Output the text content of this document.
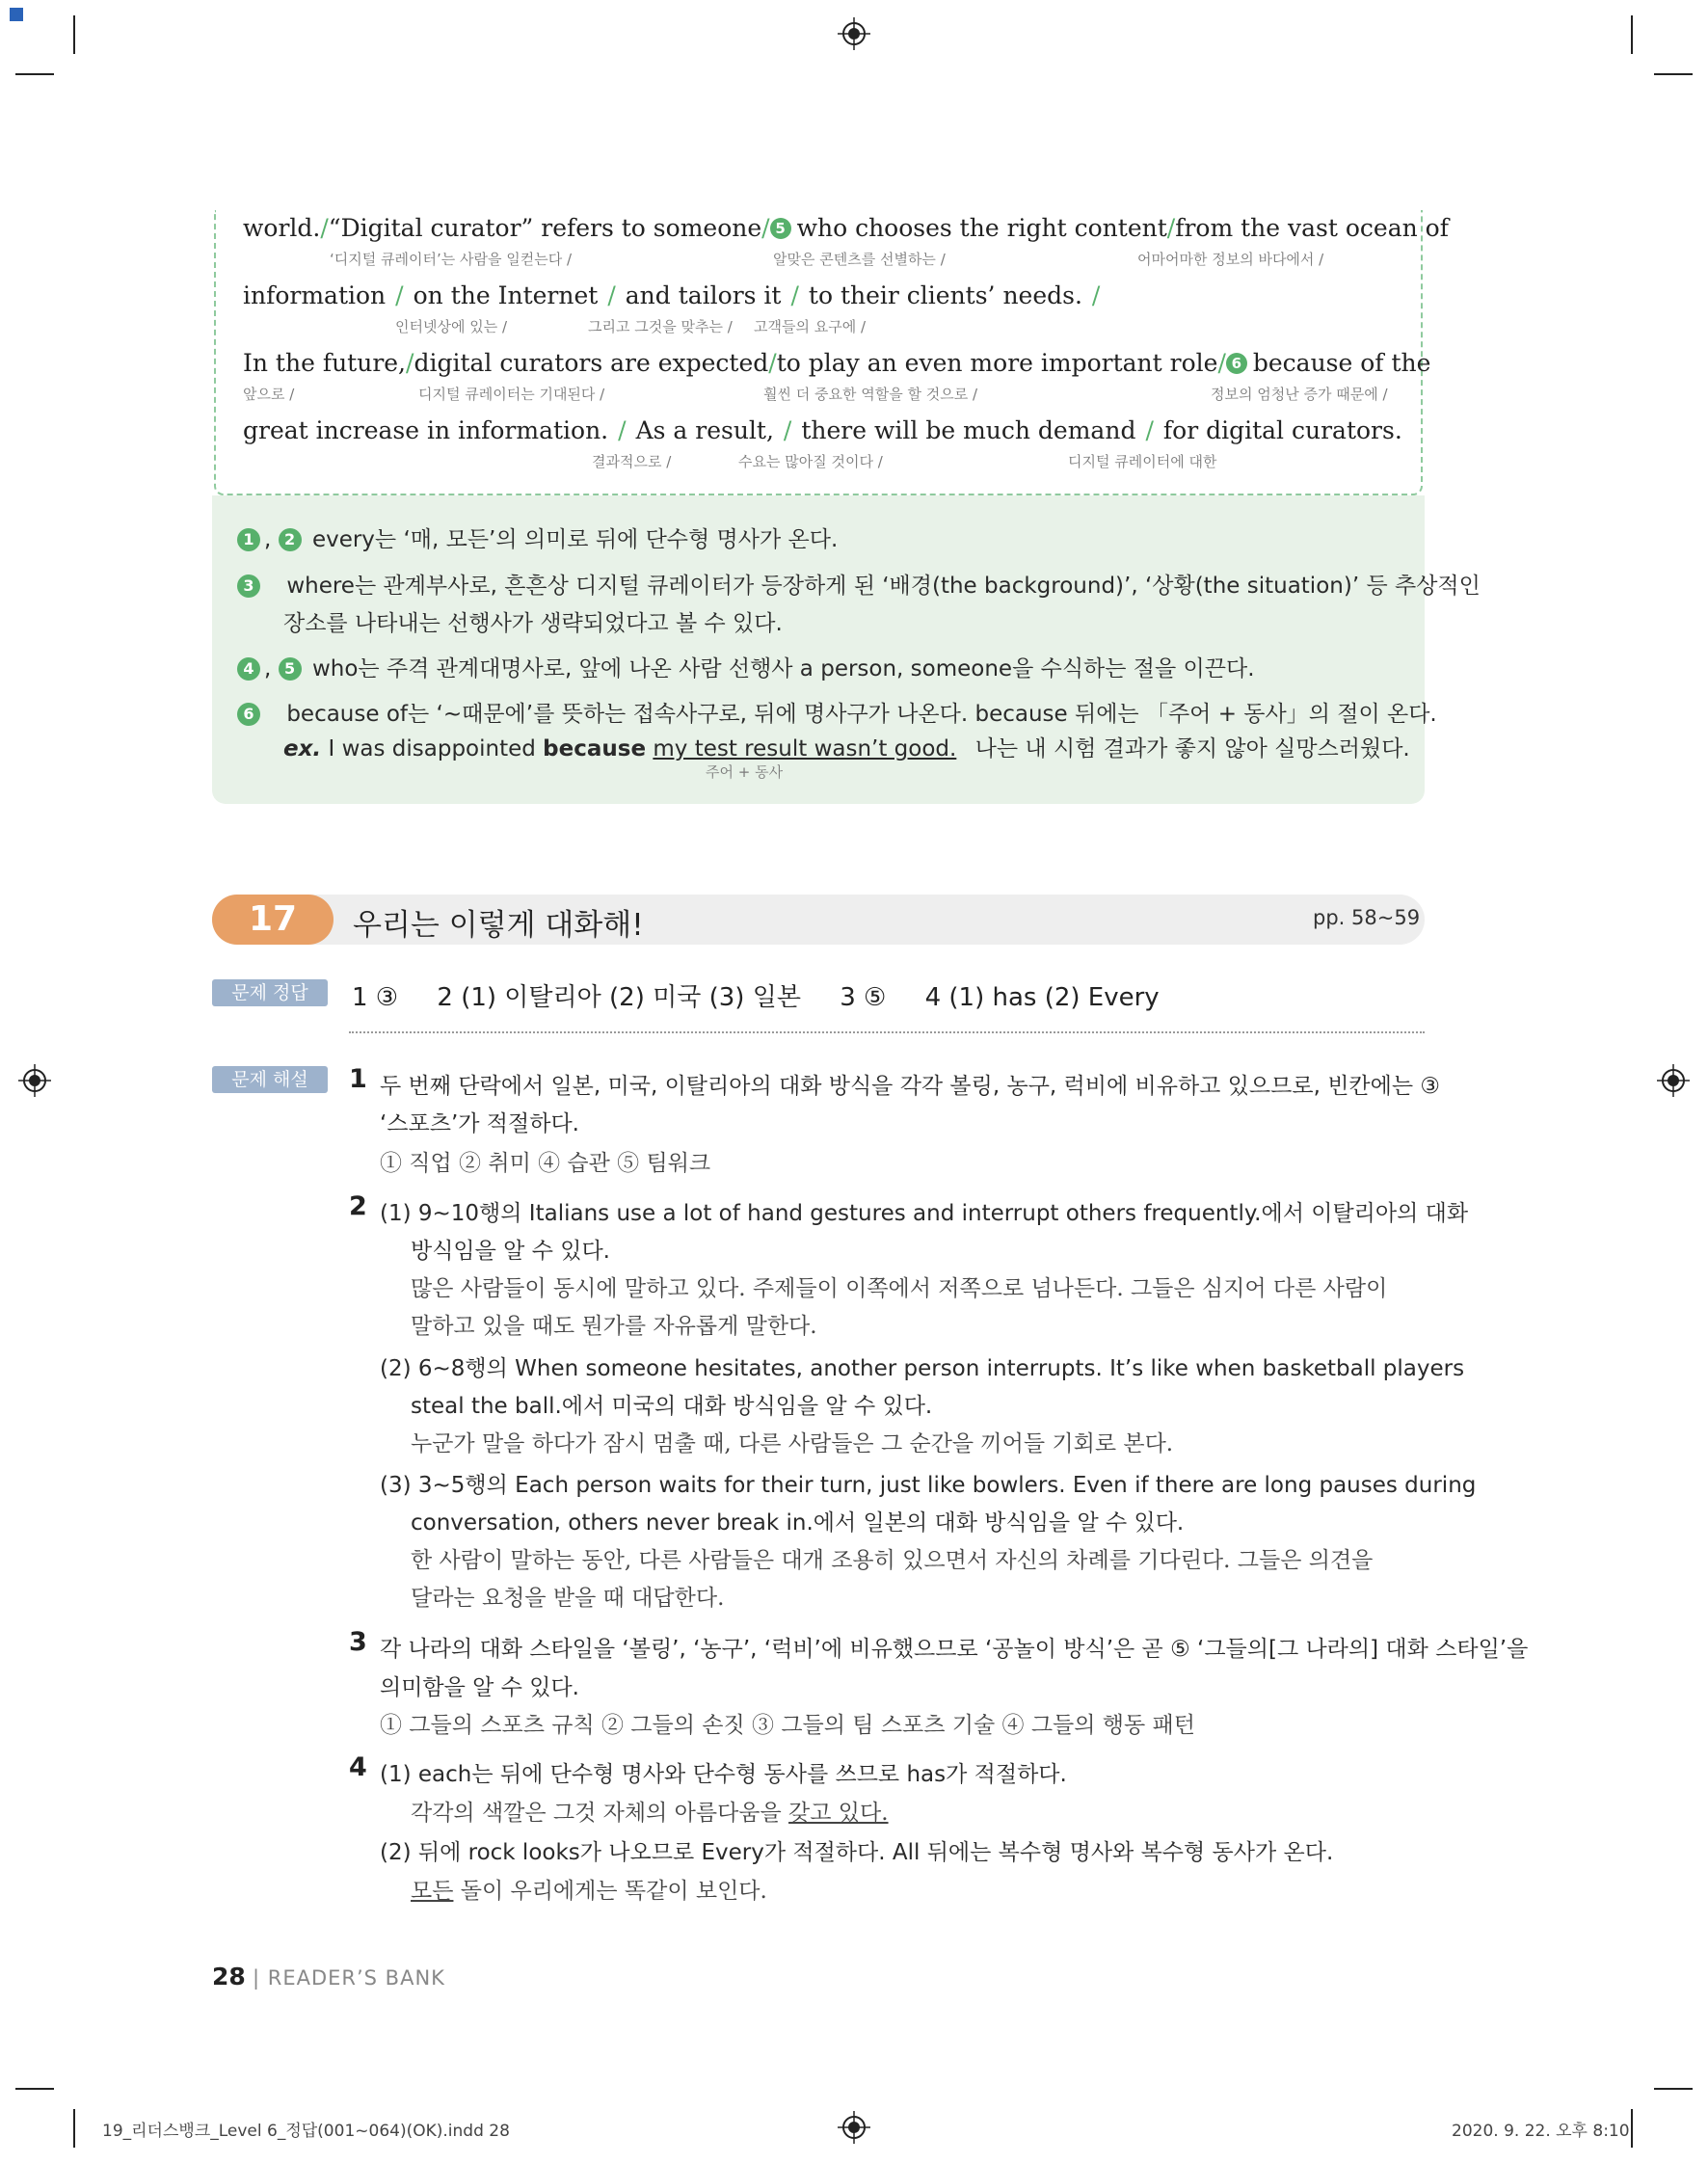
world. / “Digital curator” refers to someone / 5 who chooses the right content / from the vast ocean of
‘디지털 큐레이터’는 사람을 일컫는다 /	알맞은 콘텐츠를 선별하는 /	어마어마한 정보의 바다에서 /
information / on the Internet / and tailors it / to their clients’ needs. /
인터넷상에 있는 /	그리고 그것을 맞추는 / 고객들의 요구에 /
In the future, / digital curators are expected / to play an even more important role / 6 because of the
앞으로 /	디지털 큐레이터는 기대된다 /	훨씬 더 중요한 역할을 할 것으로 /	정보의 엄청난 증가 때문에 /
great increase in information. / As a result, / there will be much demand / for digital curators.
결과적으로 /	수요는 많아질 것이다 /	디지털 큐레이터에 대한
1 , 2 every는 ‘매, 모든’의 의미로 뒤에 단수형 명사가 온다.
3 where는 관계부사로, 흔흔상 디지털 큐레이터가 등장하게 된 ‘배경(the background)’, ‘상황(the situation)’ 등 추상적인
장소를 나타내는 선행사가 생략되었다고 볼 수 있다.
4 , 5 who는 주격 관계대명사로, 앞에 나온 사람 선행사 a person, someone을 수식하는 절을 이끈다.
6 because of는 ‘~때문에’를 뜻하는 접속사구로, 뒤에 명사구가 나온다. because 뒤에는 「주어 + 동사」의 절이 온다.
ex. I was disappointed because my test result wasn’t good. 나는 내 시험 결과가 좋지 않아 실망스러웠다.
주어 + 동사
17	우리는 이렇게 대화해!	pp. 58~59
문제 정답	1 ③ 2 (1) 이탈리아 (2) 미국 (3) 일본 3 ⑤ 4 (1) has (2) Every
문제 해설	1 두 번째 단락에서 일본, 미국, 이탈리아의 대화 방식을 각각 볼링, 농구, 럭비에 비유하고 있으므로, 빈칸에는 ③
‘스포츠’가 적절하다.
① 직업 ② 취미 ④ 습관 ⑤ 팀워크
2 (1) 9~10행의 Italians use a lot of hand gestures and interrupt others frequently.에서 이탈리아의 대화
방식임을 알 수 있다.
많은 사람들이 동시에 말하고 있다. 주제들이 이쪽에서 저쪽으로 넘나든다. 그들은 심지어 다른 사람이
말하고 있을 때도 뭔가를 자유롭게 말한다.
(2) 6~8행의 When someone hesitates, another person interrupts. It’s like when basketball players
steal the ball.에서 미국의 대화 방식임을 알 수 있다.
누군가 말을 하다가 잠시 멈출 때, 다른 사람들은 그 순간을 끼어들 기회로 본다.
(3) 3~5행의 Each person waits for their turn, just like bowlers. Even if there are long pauses during
conversation, others never break in.에서 일본의 대화 방식임을 알 수 있다.
한 사람이 말하는 동안, 다른 사람들은 대개 조용히 있으면서 자신의 차례를 기다린다. 그들은 의견을
달라는 요청을 받을 때 대답한다.
3 각 나라의 대화 스타일을 ‘볼링’, ‘농구’, ‘럭비’에 비유했으므로 ‘공놀이 방식’은 곧 ⑤ ‘그들의[그 나라의] 대화 스타일’을
의미함을 알 수 있다.
① 그들의 스포츠 규칙 ② 그들의 손짓 ③ 그들의 팀 스포츠 기술 ④ 그들의 행동 패턴
4 (1) each는 뒤에 단수형 명사와 단수형 동사를 쓰므로 has가 적절하다.
각각의 색깔은 그것 자체의 아름다움을 갖고 있다.
(2) 뒤에 rock looks가 나오므로 Every가 적절하다. All 뒤에는 복수형 명사와 복수형 동사가 온다.
모든 돌이 우리에게는 똑같이 보인다.
28 | READER’S BANK
19_리더스뱅크_Level 6_정답(001~064)(OK).indd 28	2020. 9. 22. 오후 8:10
